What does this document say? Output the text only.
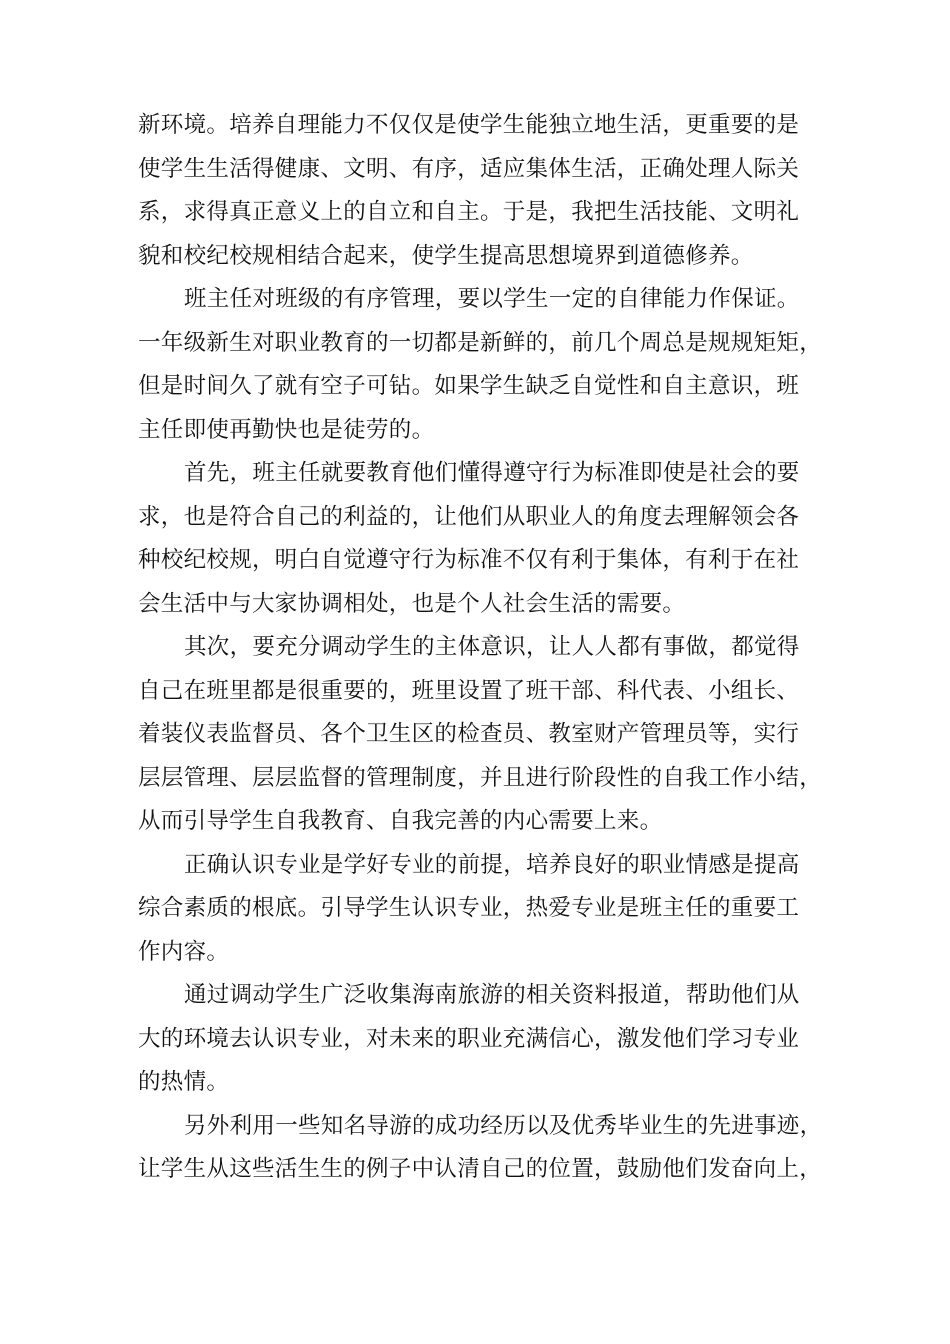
新环境。培养自理能力不仅仅是使学生能独立地生活，更重要的是
使学生生活得健康、文明、有序，适应集体生活，正确处理人际关
系，求得真正意义上的自立和自主。于是，我把生活技能、文明礼
貌和校纪校规相结合起来，使学生提高思想境界到道德修养。
班主任对班级的有序管理，要以学生一定的自律能力作保证。
一年级新生对职业教育的一切都是新鲜的，前几个周总是规规矩矩，
但是时间久了就有空子可钻。如果学生缺乏自觉性和自主意识，班
主任即使再勤快也是徒劳的。
首先，班主任就要教育他们懂得遵守行为标准即使是社会的要
求，也是符合自己的利益的，让他们从职业人的角度去理解领会各
种校纪校规，明白自觉遵守行为标准不仅有利于集体，有利于在社
会生活中与大家协调相处，也是个人社会生活的需要。
其次，要充分调动学生的主体意识，让人人都有事做，都觉得
自己在班里都是很重要的，班里设置了班干部、科代表、小组长、
着装仪表监督员、各个卫生区的检查员、教室财产管理员等，实行
层层管理、层层监督的管理制度，并且进行阶段性的自我工作小结，
从而引导学生自我教育、自我完善的内心需要上来。
正确认识专业是学好专业的前提，培养良好的职业情感是提高
综合素质的根底。引导学生认识专业，热爱专业是班主任的重要工
作内容。
通过调动学生广泛收集海南旅游的相关资料报道，帮助他们从
大的环境去认识专业，对未来的职业充满信心，激发他们学习专业
的热情。
另外利用一些知名导游的成功经历以及优秀毕业生的先进事迹，
让学生从这些活生生的例子中认清自己的位置，鼓励他们发奋向上，
